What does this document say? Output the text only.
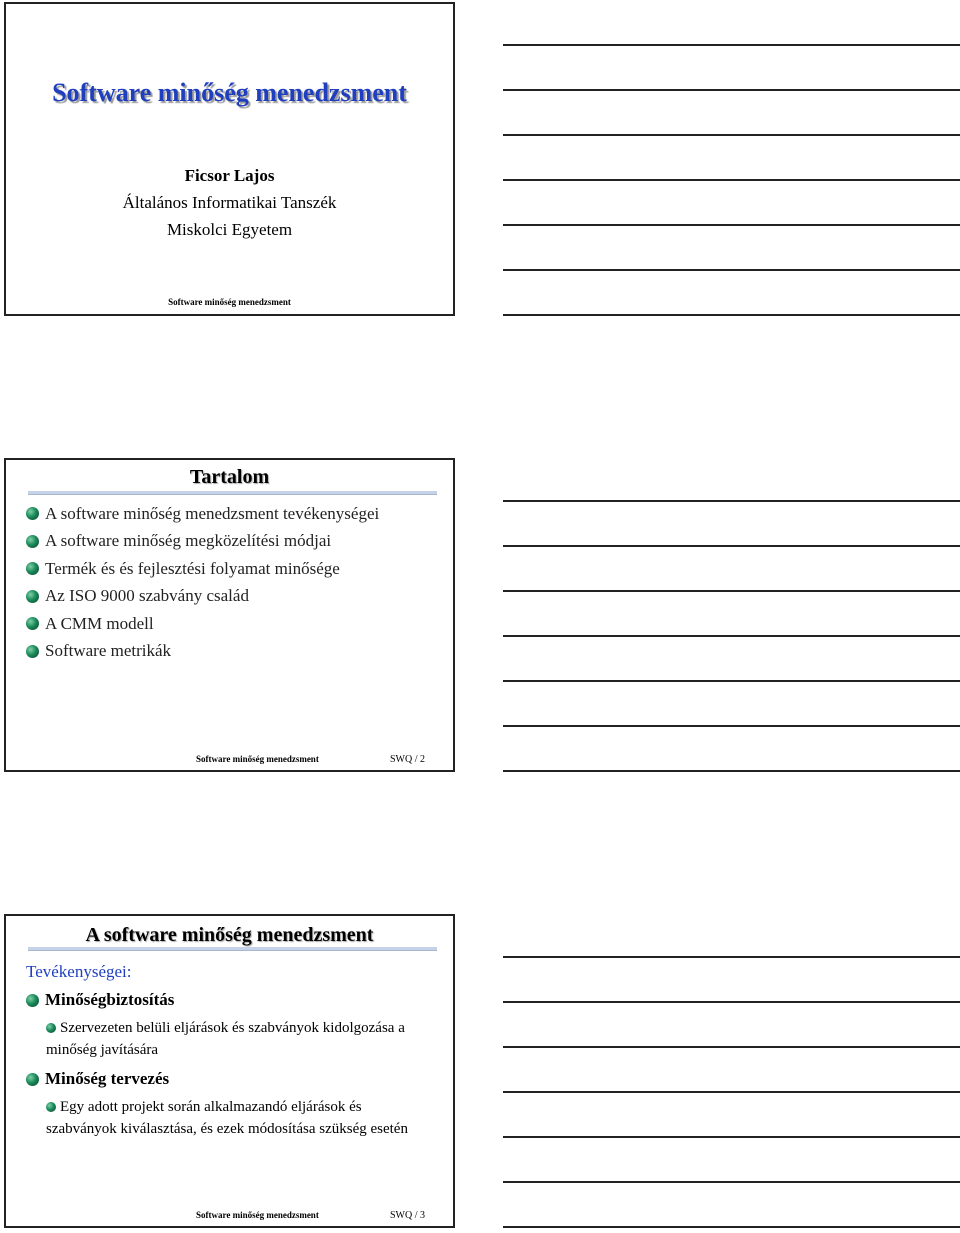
Software minőség menedzsment
Ficsor Lajos
Általános Informatikai Tanszék
Miskolci Egyetem
Software minőség menedzsment
Tartalom
A software minőség menedzsment tevékenységei
A software minőség megközelítési módjai
Termék és és fejlesztési folyamat minősége
Az ISO 9000 szabvány család
A CMM modell
Software metrikák
Software minőség menedzsment	SWQ / 2
A software minőség menedzsment
Tevékenységei:
Minőségbiztosítás
Szervezeten belüli eljárások és szabványok kidolgozása a minőség javítására
Minőség tervezés
Egy adott projekt során alkalmazandó eljárások és szabványok kiválasztása, és ezek módosítása szükség esetén
Software minőség menedzsment	SWQ / 3
